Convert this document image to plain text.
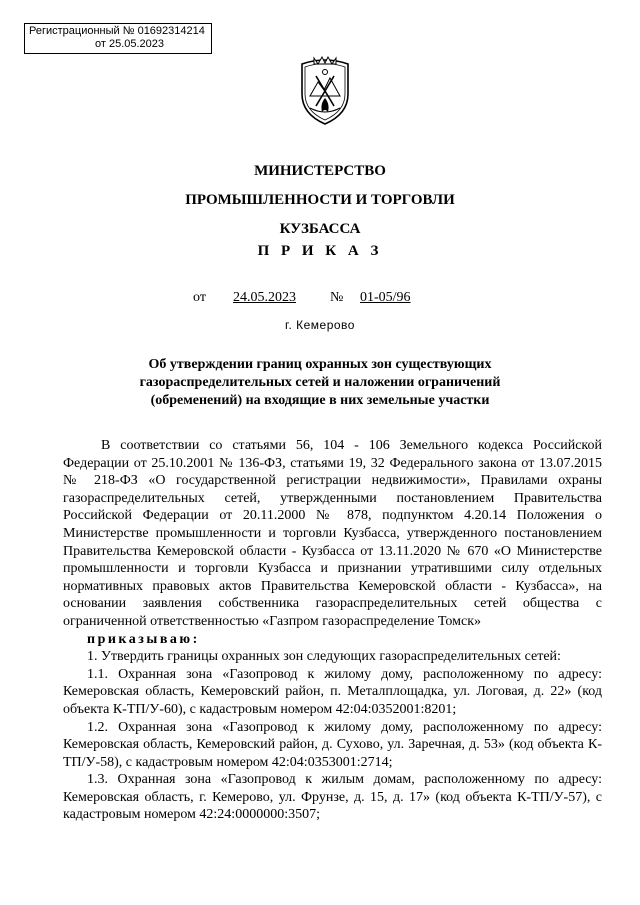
Регистрационный № 01692314214
от 25.05.2023
МИНИСТЕРСТВО
ПРОМЫШЛЕННОСТИ И ТОРГОВЛИ
КУЗБАССА
П Р И К А З
от 24.05.2023 № 01-05/96
г. Кемерово
Об утверждении границ охранных зон существующих
газораспределительных сетей и наложении ограничений
(обременений) на входящие в них земельные участки

В соответствии со статьями 56, 104 - 106 Земельного кодекса Российской Федерации от 25.10.2001 № 136-ФЗ, статьями 19, 32 Федерального закона от 13.07.2015 № 218-ФЗ «О государственной регистрации недвижимости», Правилами охраны газораспределительных сетей, утвержденными постановлением Правительства Российской Федерации от 20.11.2000 № 878, подпунктом 4.20.14 Положения о Министерстве промышленности и торговли Кузбасса, утвержденного постановлением Правительства Кемеровской области - Кузбасса от 13.11.2020 № 670 «О Министерстве промышленности и торговли Кузбасса и признании утратившими силу отдельных нормативных правовых актов Правительства Кемеровской области - Кузбасса», на основании заявления собственника газораспределительных сетей общества с ограниченной ответственностью «Газпром газораспределение Томск»

приказываю:

1. Утвердить границы охранных зон следующих газораспределительных сетей:

1.1. Охранная зона «Газопровод к жилому дому, расположенному по адресу: Кемеровская область, Кемеровский район, п. Металплощадка, ул. Логовая, д. 22» (код объекта К-ТП/У-60), с кадастровым номером 42:04:0352001:8201;

1.2. Охранная зона «Газопровод к жилому дому, расположенному по адресу: Кемеровская область, Кемеровский район, д. Сухово, ул. Заречная, д. 53» (код объекта К-ТП/У-58), с кадастровым номером 42:04:0353001:2714;

1.3. Охранная зона «Газопровод к жилым домам, расположенному по адресу: Кемеровская область, г. Кемерово, ул. Фрунзе, д. 15, д. 17» (код объекта К-ТП/У-57), с кадастровым номером 42:24:0000000:3507;
